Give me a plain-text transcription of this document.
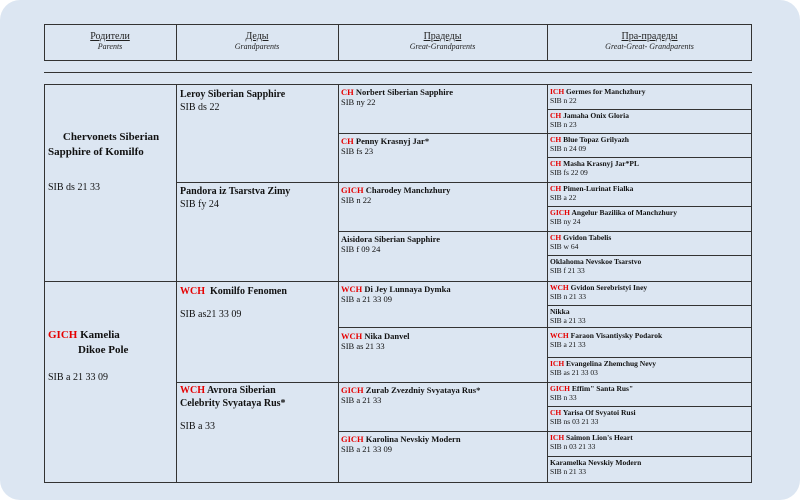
Родители
Parents
Деды
Grandparents
Прадеды
Great-Grandparents
Пра-прадеды
Great-Great- Grandparents
Chervonets Siberian
Sapphire of Komilfo
SIB ds 21 33
GICH Kamelia
Dikoe Pole
SIB a 21 33 09
Leroy Siberian Sapphire
SIB ds 22
Pandora iz Tsarstva Zimy
SIB fy 24
WCH Komilfo Fenomen
SIB as21 33 09
WCH Avrora Siberian
Celebrity Svyataya Rus*
SIB a 33
CH Norbert Siberian Sapphire
SIB ny 22
CH Penny Krasnyj Jar*
SIB fs 23
GICH Charodey Manchzhury
SIB n 22
Aisidora Siberian Sapphire
SIB f 09 24
WCH Di Jey Lunnaya Dymka
SIB a 21 33 09
WCH Nika Danvel
SIB as 21 33
GICH Zurab Zvezdniy Svyataya Rus*
SIB a 21 33
GICH Karolina Nevskiy Modern
SIB a 21 33 09
ICH Germes for Manchzhury
SIB n 22
CH Jamaha Onix Gloria
SIB n 23
CH Blue Topaz Grilyazh
SIB n 24 09
CH Masha Krasnyj Jar*PL
SIB fs 22 09
CH Pimen-Lurinat Fialka
SIB a 22
GICH Angelur Bazilika of Manchzhury
SIB ny 24
CH Gvidon Tabelis
SIB w 64
Oklahoma Nevskoe Tsarstvo
SIB f 21 33
WCH Gvidon Serebristyi Iney
SIB n 21 33
Nikka
SIB a 21 33
WCH Faraon Visantiysky Podarok
SIB a 21 33
ICH Evangelina Zhemchug Nevy
SIB as 21 33 03
GICH Effim" Santa Rus"
SIB n 33
CH Yarisa Of Svyatoi Rusi
SIB ns 03 21 33
ICH Saimon Lion's Heart
SIB n 03 21 33
Karamelka Nevskiy Modern
SIB n 21 33
